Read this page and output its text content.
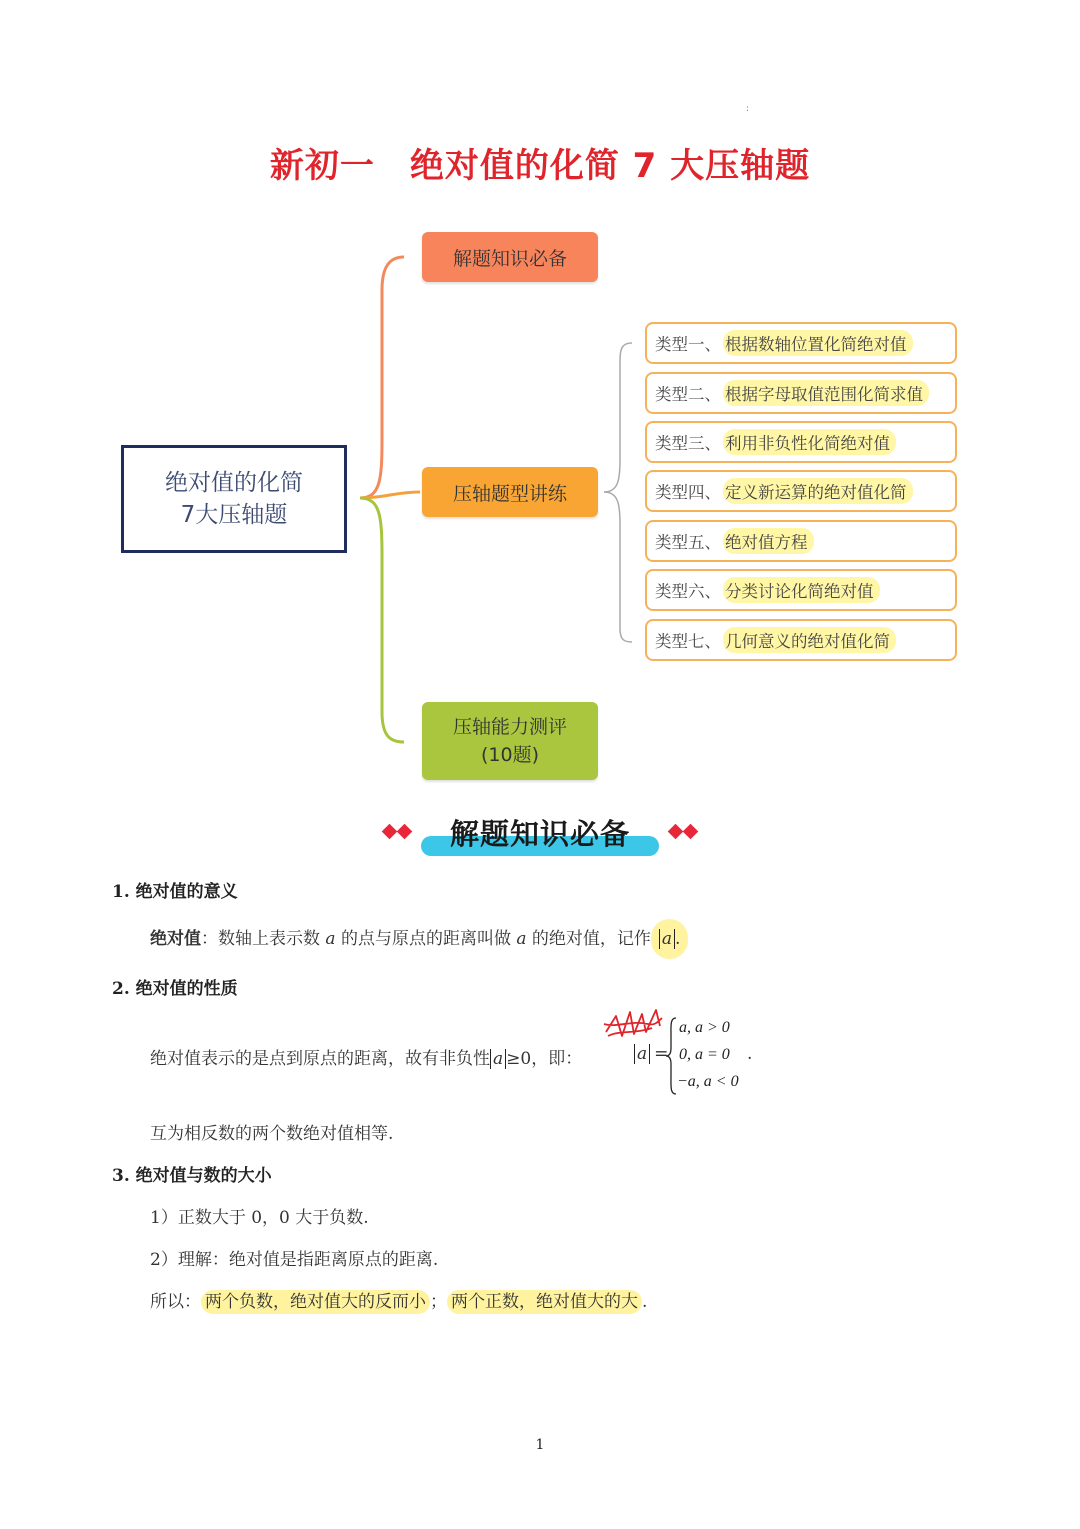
:
新初一　绝对值的化简 7 大压轴题
绝对值的化简
7大压轴题
解题知识必备
压轴题型讲练
压轴能力测评
(10题)
类型一、 根据数轴位置化简绝对值
类型二、 根据字母取值范围化简求值
类型三、 利用非负性化简绝对值
类型四、 定义新运算的绝对值化简
类型五、 绝对值方程
类型六、 分类讨论化简绝对值
类型七、 几何意义的绝对值化简
解题知识必备
1. 绝对值的意义
绝对值：数轴上表示数 a 的点与原点的距离叫做 a 的绝对值，记作 a .
2. 绝对值的性质
绝对值表示的是点到原点的距离，故有非负性 a ≥0，即：	a =
a, a > 0
0, a = 0
−a, a < 0
.
互为相反数的两个数绝对值相等.
3. 绝对值与数的大小
1）正数大于 0，0 大于负数.
2）理解：绝对值是指距离原点的距离.
所以： 两个负数，绝对值大的反而小 ； 两个正数，绝对值大的大 .
1
